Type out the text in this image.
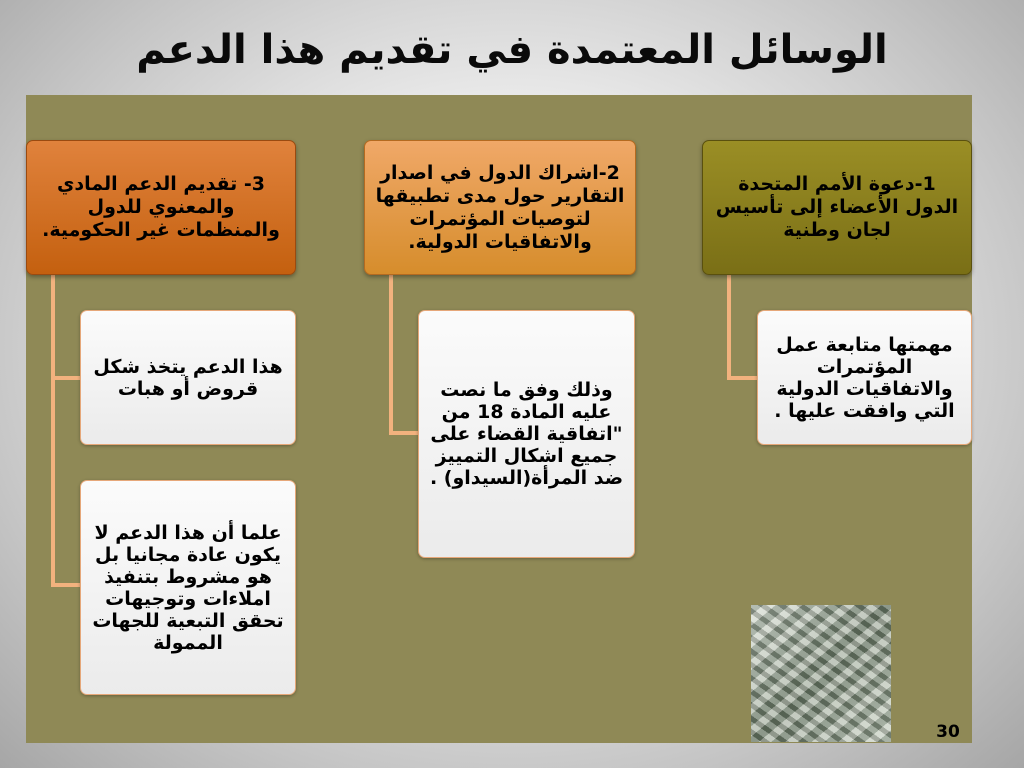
الوسائل المعتمدة في تقديم هذا الدعم
1-دعوة الأمم المتحدة الدول الأعضاء إلى تأسيس لجان وطنية
2-اشراك الدول في اصدار التقارير حول مدى تطبيقها لتوصيات المؤتمرات والاتفاقيات الدولية.
3- تقديم الدعم المادي والمعنوي للدول والمنظمات غير الحكومية.
مهمتها متابعة عمل المؤتمرات والاتفاقيات الدولية التي وافقت عليها .
وذلك وفق ما نصت عليه المادة 18 من "اتفاقية القضاء على جميع اشكال التمييز ضد المرأة(السيداو) .
هذا الدعم يتخذ شكل قروض أو هبات
علما أن هذا الدعم لا يكون عادة مجانيا بل هو مشروط بتنفيذ املاءات وتوجيهات تحقق التبعية للجهات الممولة
30
